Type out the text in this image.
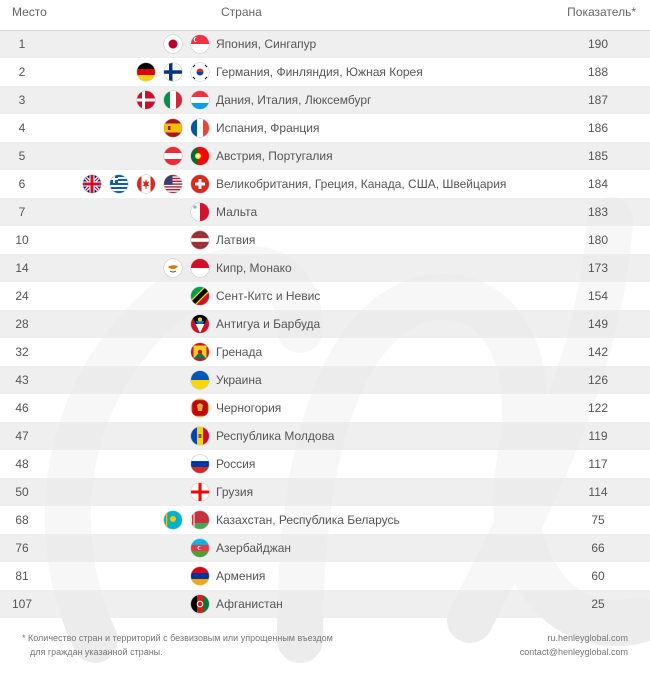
Место	Страна	Показатель*
1		Япония, Сингапур	190
2		Германия, Финляндия, Южная Корея	188
3		Дания, Италия, Люксембург	187
4		Испания, Франция	186
5		Австрия, Португалия	185
6		Великобритания, Греция, Канада, США, Швейцария	184
7		Мальта	183
10		Латвия	180
14		Кипр, Монако	173
24		Сент-Китс и Невис	154
28		Антигуа и Барбуда	149
32		Гренада	142
43		Украина	126
46		Черногория	122
47		Республика Молдова	119
48		Россия	117
50		Грузия	114
68		Казахстан, Республика Беларусь	75
76		Азербайджан	66
81		Армения	60
107		Афганистан	25
* Количество стран и территорий с безвизовым или упрощенным въездом
для граждан указанной страны.
ru.henleyglobal.com
contact@henleyglobal.com
